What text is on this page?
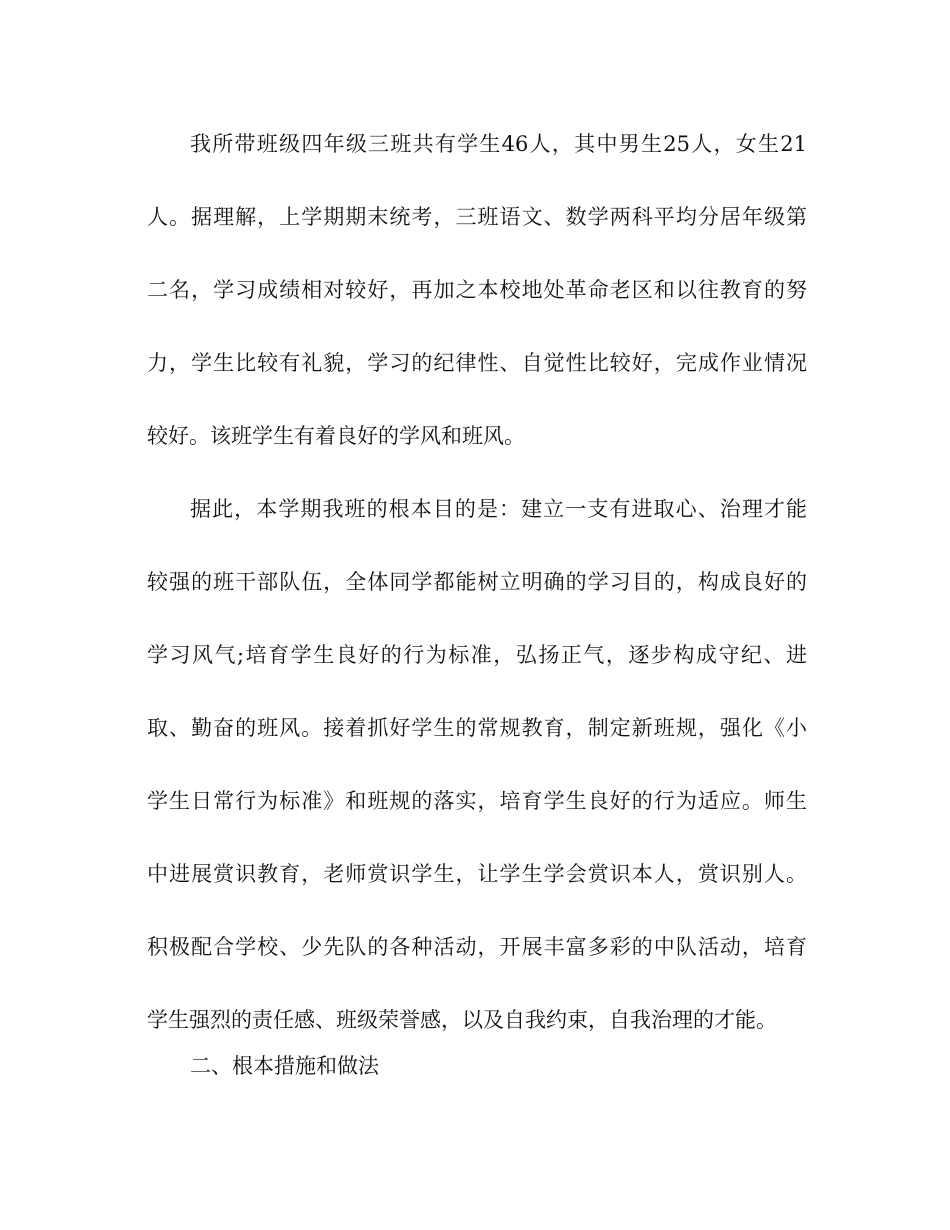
我所带班级四年级三班共有学生46人，其中男生25人，女生21
人。据理解，上学期期末统考，三班语文、数学两科平均分居年级第
二名，学习成绩相对较好，再加之本校地处革命老区和以往教育的努
力，学生比较有礼貌，学习的纪律性、自觉性比较好，完成作业情况
较好。该班学生有着良好的学风和班风。
据此，本学期我班的根本目的是：建立一支有进取心、治理才能
较强的班干部队伍，全体同学都能树立明确的学习目的，构成良好的
学习风气;培育学生良好的行为标准，弘扬正气，逐步构成守纪、进
取、勤奋的班风。接着抓好学生的常规教育，制定新班规，强化《小
学生日常行为标准》和班规的落实，培育学生良好的行为适应。师生
中进展赏识教育，老师赏识学生，让学生学会赏识本人，赏识别人。
积极配合学校、少先队的各种活动，开展丰富多彩的中队活动，培育
学生强烈的责任感、班级荣誉感，以及自我约束，自我治理的才能。
二、根本措施和做法
